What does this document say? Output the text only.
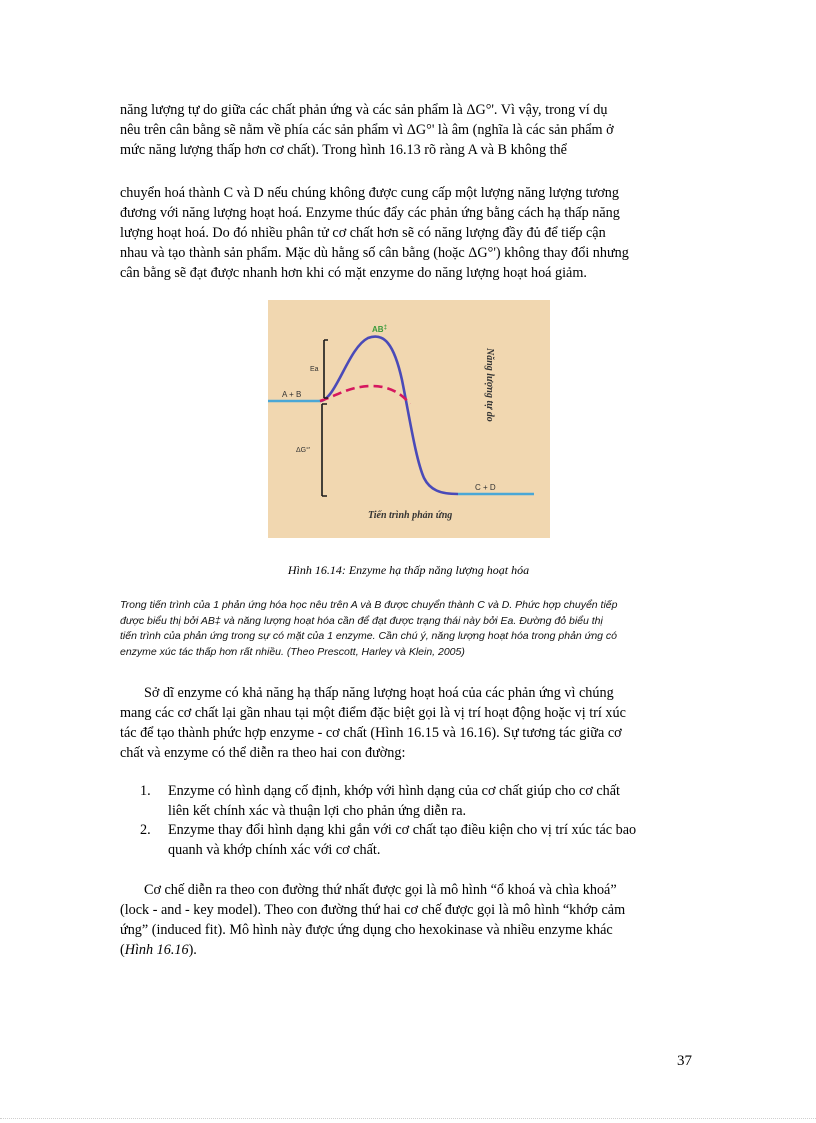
năng lượng tự do giữa các chất phản ứng và các sản phẩm là ΔG°'. Vì vậy, trong ví dụ
nêu trên cân bằng sẽ nằm về phía các sản phẩm vì ΔG°' là âm (nghĩa là các sản phẩm ở
mức năng lượng thấp hơn cơ chất). Trong hình 16.13 rõ ràng A và B không thể

chuyển hoá thành C và D nếu chúng không được cung cấp một lượng năng lượng tương
đương với năng lượng hoạt hoá. Enzyme thúc đẩy các phản ứng bằng cách hạ thấp năng
lượng hoạt hoá. Do đó nhiều phân tử cơ chất hơn sẽ có năng lượng đầy đủ để tiếp cận
nhau và tạo thành sản phẩm. Mặc dù hằng số cân bằng (hoặc ΔG°') không thay đổi nhưng
cân bằng sẽ đạt được nhanh hơn khi có mặt enzyme do năng lượng hoạt hoá giảm.

AB‡
Ea
A + B
ΔG°'
C + D
Năng lượng tự do
Tiến trình phản ứng
Hình 16.14: Enzyme hạ thấp năng lượng hoạt hóa
Trong tiến trình của 1 phản ứng hóa học nêu trên A và B được chuyển thành C và D. Phức hợp chuyển tiếp
được biểu thị bởi AB‡ và năng lượng hoạt hóa cần để đạt được trạng thái này bởi Ea. Đường đỏ biểu thị
tiến trình của phản ứng trong sự có mặt của 1 enzyme. Cần chú ý, năng lượng hoạt hóa trong phản ứng có
enzyme xúc tác thấp hơn rất nhiều. (Theo Prescott, Harley và Klein, 2005)

Sở dĩ enzyme có khả năng hạ thấp năng lượng hoạt hoá của các phản ứng vì chúng
mang các cơ chất lại gần nhau tại một điểm đặc biệt gọi là vị trí hoạt động hoặc vị trí xúc
tác để tạo thành phức hợp enzyme - cơ chất (Hình 16.15 và 16.16). Sự tương tác giữa cơ
chất và enzyme có thể diễn ra theo hai con đường:

1. Enzyme có hình dạng cố định, khớp với hình dạng của cơ chất giúp cho cơ chất
liên kết chính xác và thuận lợi cho phản ứng diễn ra.
2. Enzyme thay đổi hình dạng khi gắn với cơ chất tạo điều kiện cho vị trí xúc tác bao
quanh và khớp chính xác với cơ chất.

Cơ chế diễn ra theo con đường thứ nhất được gọi là mô hình “ổ khoá và chìa khoá”
(lock - and - key model). Theo con đường thứ hai cơ chế được gọi là mô hình “khớp cảm
ứng” (induced fit). Mô hình này được ứng dụng cho hexokinase và nhiều enzyme khác
(Hình 16.16).

37
